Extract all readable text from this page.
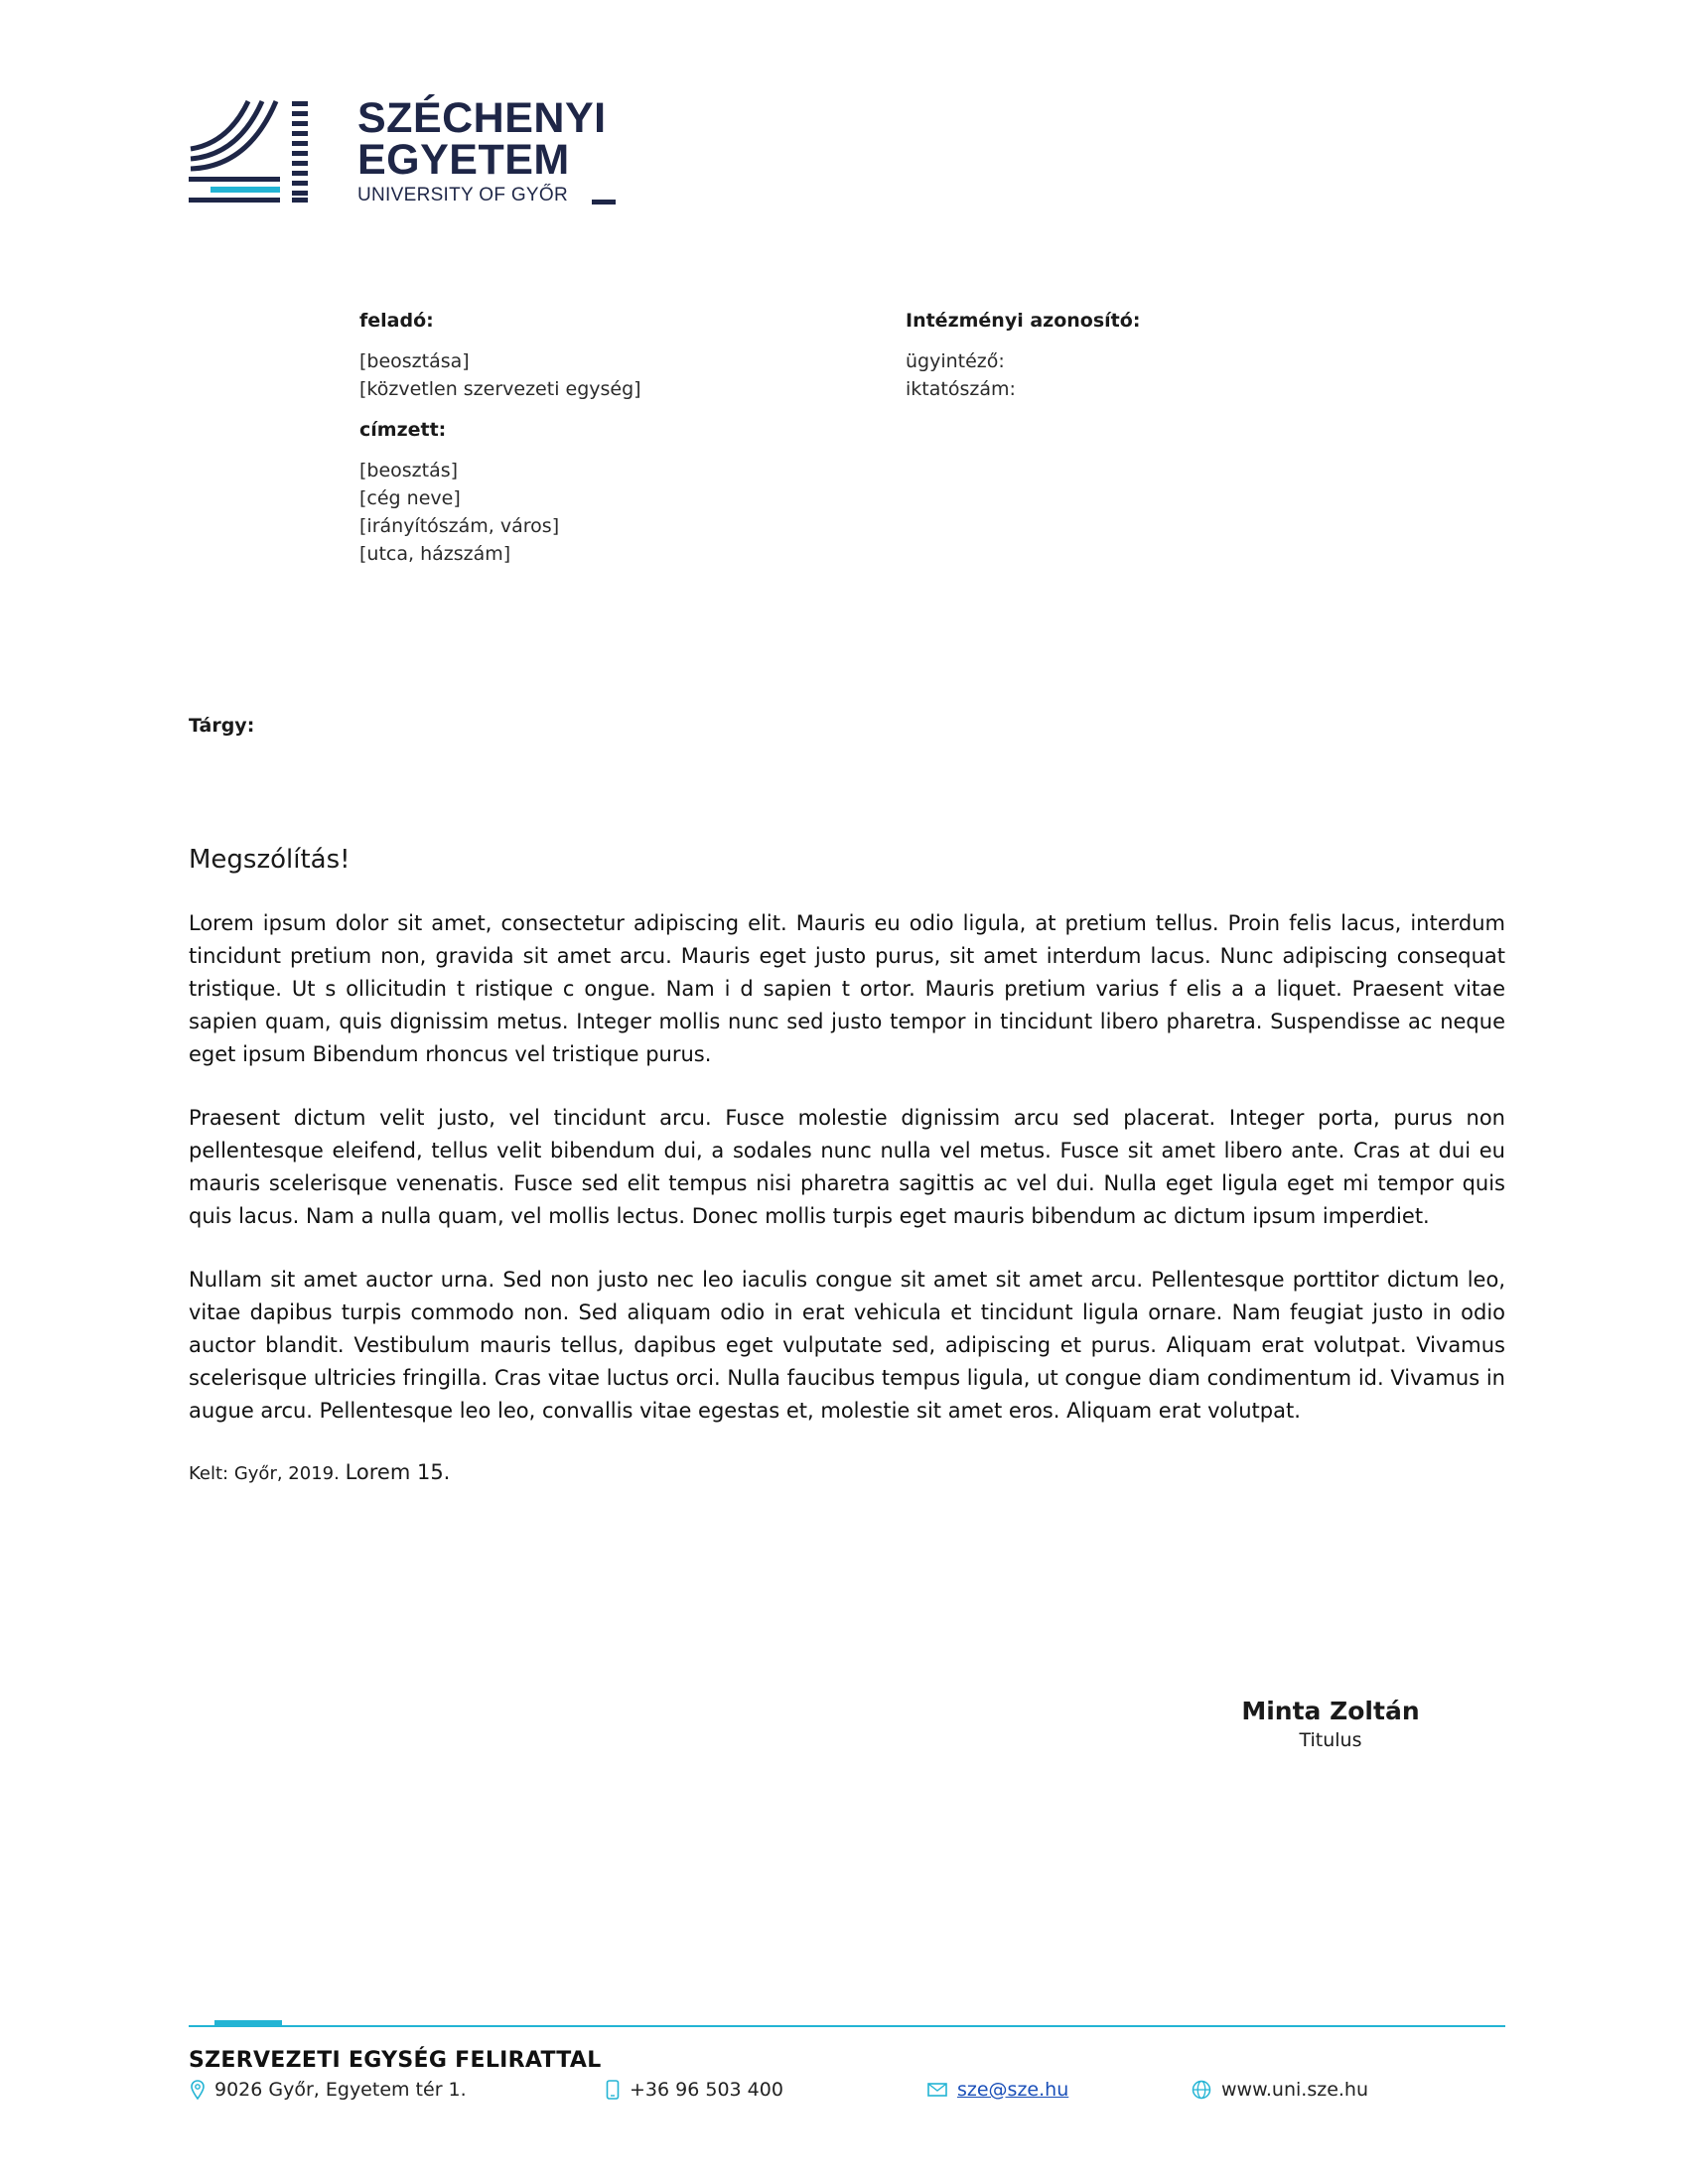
SZÉCHENYI
EGYETEM
UNIVERSITY OF GYŐR
feladó:
[beosztása]
[közvetlen szervezeti egység]
címzett:
[beosztás]
[cég neve]
[irányítószám, város]
[utca, házszám]
Intézményi azonosító:
ügyintéző:
iktatószám:
Tárgy:
Megszólítás!

Lorem ipsum dolor sit amet, consectetur adipiscing elit. Mauris eu odio ligula, at pretium tellus. Proin felis lacus, interdum tincidunt pretium non, gravida sit amet arcu. Mauris eget justo purus, sit amet interdum lacus. Nunc adipiscing consequat tristique. Ut s ollicitudin t ristique c ongue. Nam i d sapien t ortor. Mauris pretium varius f elis a a liquet. Praesent vitae sapien quam, quis dignissim metus. Integer mollis nunc sed justo tempor in tincidunt libero pharetra. Suspendisse ac neque eget ipsum Bibendum rhoncus vel tristique purus.

Praesent dictum velit justo, vel tincidunt arcu. Fusce molestie dignissim arcu sed placerat. Integer porta, purus non pellentesque eleifend, tellus velit bibendum dui, a sodales nunc nulla vel metus. Fusce sit amet libero ante. Cras at dui eu mauris scelerisque venenatis. Fusce sed elit tempus nisi pharetra sagittis ac vel dui. Nulla eget ligula eget mi tempor quis quis lacus. Nam a nulla quam, vel mollis lectus. Donec mollis turpis eget mauris bibendum ac dictum ipsum imperdiet.

Nullam sit amet auctor urna. Sed non justo nec leo iaculis congue sit amet sit amet arcu. Pellentesque porttitor dictum leo, vitae dapibus turpis commodo non. Sed aliquam odio in erat vehicula et tincidunt ligula ornare. Nam feugiat justo in odio auctor blandit. Vestibulum mauris tellus, dapibus eget vulputate sed, adipiscing et purus. Aliquam erat volutpat. Vivamus scelerisque ultricies fringilla. Cras vitae luctus orci. Nulla faucibus tempus ligula, ut congue diam condimentum id. Vivamus in augue arcu. Pellentesque leo leo, convallis vitae egestas et, molestie sit amet eros. Aliquam erat volutpat.

Kelt: Győr, 2019. Lorem 15.
Minta Zoltán
Titulus
SZERVEZETI EGYSÉG FELIRATTAL
9026 Győr, Egyetem tér 1.	+36 96 503 400	sze@sze.hu	www.uni.sze.hu
